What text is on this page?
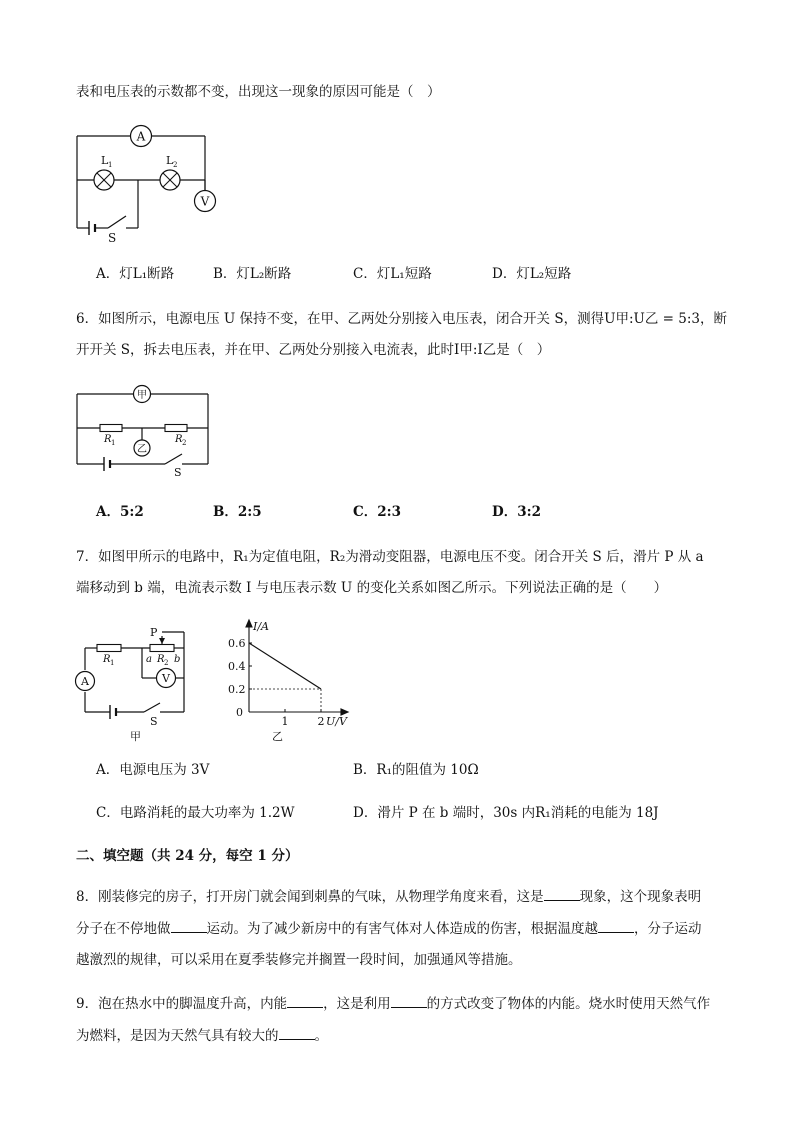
表和电压表的示数都不变，出现这一现象的原因可能是（　）
A
L 1	L 2
V
S
A．灯L₁断路	B．灯L₂断路	C．灯L₁短路	D．灯L₂短路
6．如图所示，电源电压 U 保持不变，在甲、乙两处分别接入电压表，闭合开关 S，测得U甲:U乙 = 5:3，断
开开关 S，拆去电压表，并在甲、乙两处分别接入电流表，此时I甲:I乙是（　）
甲
R 1	R 2
乙
S
A．5:2	B．2:5	C．2:3	D．3:2
7．如图甲所示的电路中，R₁为定值电阻，R₂为滑动变阻器，电源电压不变。闭合开关 S 后，滑片 P 从 a
端移动到 b 端，电流表示数 I 与电压表示数 U 的变化关系如图乙所示。下列说法正确的是（　　）
P
R 1	a R 2 b
A	V
S
甲
I/A
U/V
0
0.6
0.4
0.2
1	2
乙
A．电源电压为 3V	B．R₁的阻值为 10Ω
C．电路消耗的最大功率为 1.2W	D．滑片 P 在 b 端时，30s 内R₁消耗的电能为 18J
二、填空题（共 24 分，每空 1 分）
8．刚装修完的房子，打开房门就会闻到刺鼻的气味，从物理学角度来看，这是	现象，这个现象表明
分子在不停地做	运动。为了减少新房中的有害气体对人体造成的伤害，根据温度越	，分子运动
越激烈的规律，可以采用在夏季装修完并搁置一段时间，加强通风等措施。
9．泡在热水中的脚温度升高，内能	，这是利用	的方式改变了物体的内能。烧水时使用天然气作
为燃料，是因为天然气具有较大的	。
